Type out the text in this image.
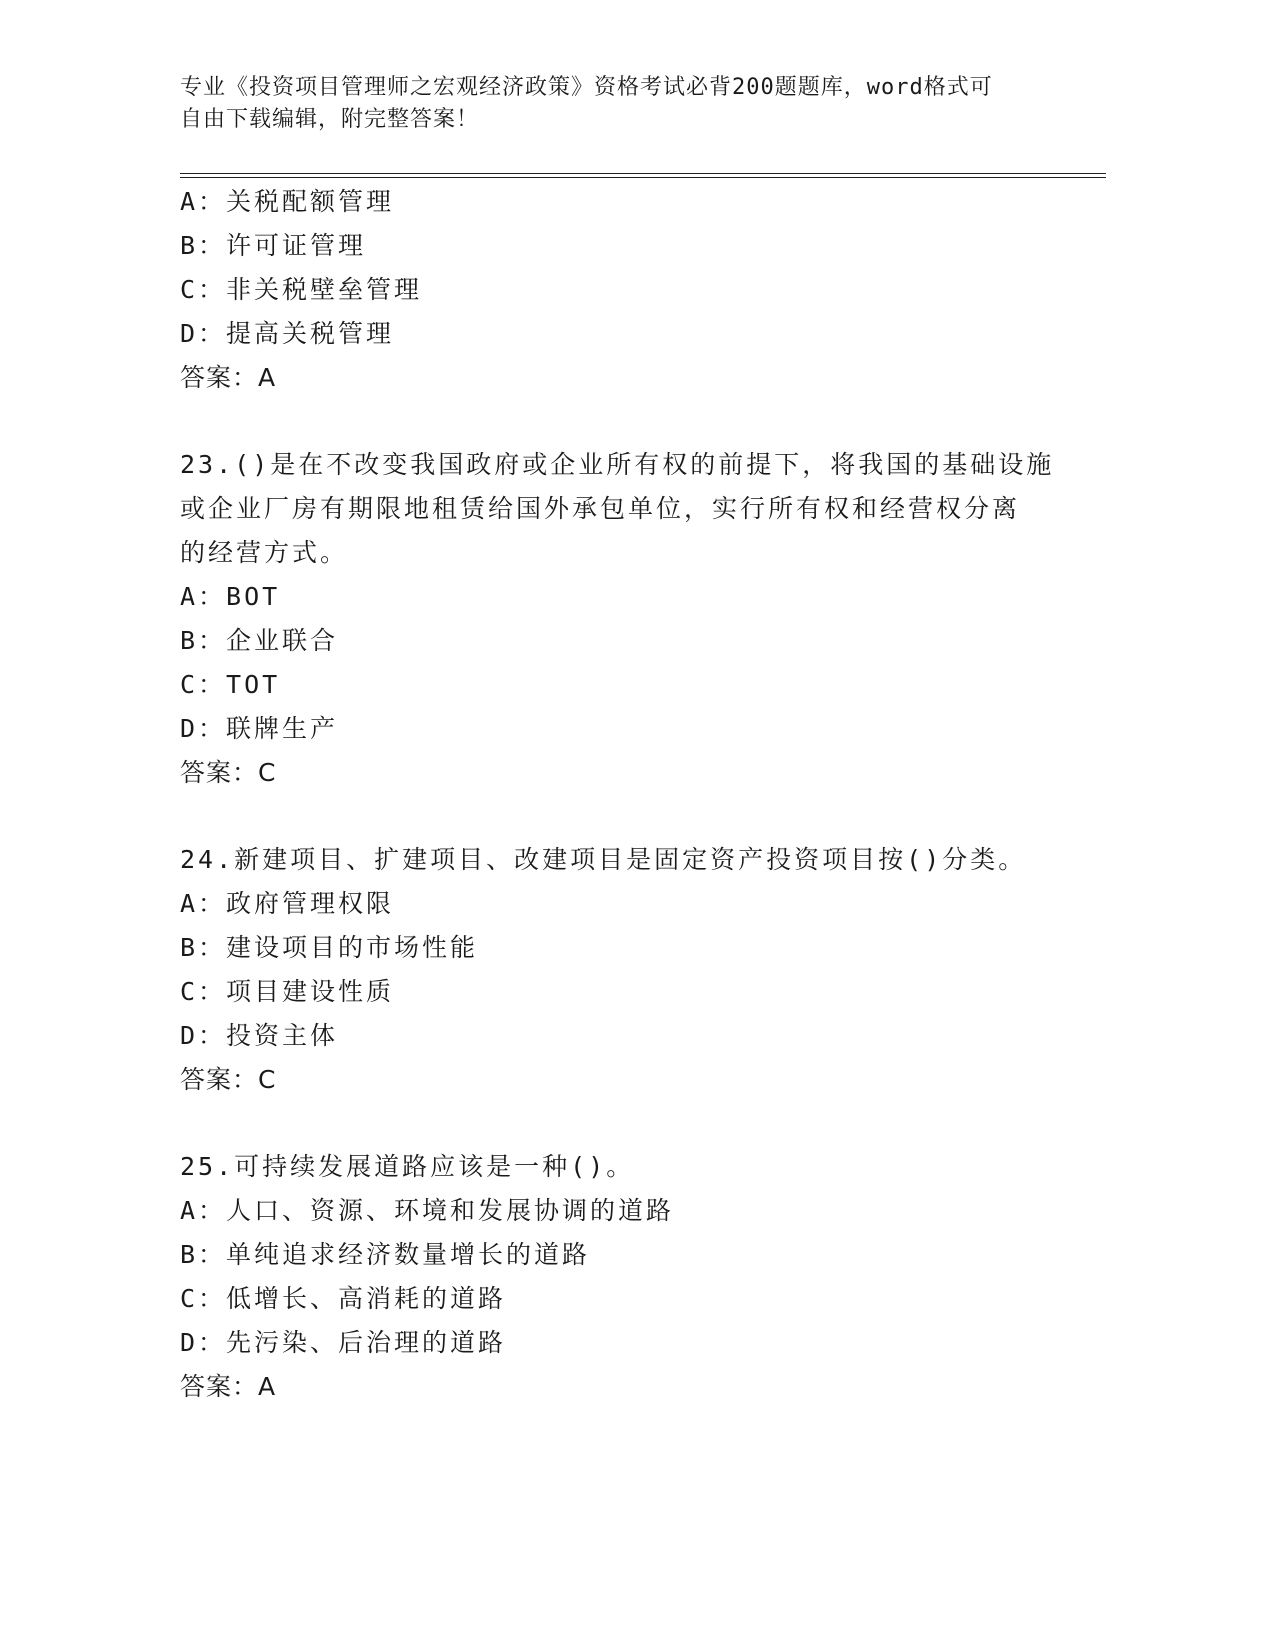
专业《投资项目管理师之宏观经济政策》资格考试必背200题题库，word格式可
自由下载编辑，附完整答案！
A：关税配额管理
B：许可证管理
C：非关税壁垒管理
D：提高关税管理
答案：A
23.()是在不改变我国政府或企业所有权的前提下，将我国的基础设施
或企业厂房有期限地租赁给国外承包单位，实行所有权和经营权分离
的经营方式。
A：BOT
B：企业联合
C：TOT
D：联牌生产
答案：C
24.新建项目、扩建项目、改建项目是固定资产投资项目按()分类。
A：政府管理权限
B：建设项目的市场性能
C：项目建设性质
D：投资主体
答案：C
25.可持续发展道路应该是一种()。
A：人口、资源、环境和发展协调的道路
B：单纯追求经济数量增长的道路
C：低增长、高消耗的道路
D：先污染、后治理的道路
答案：A
